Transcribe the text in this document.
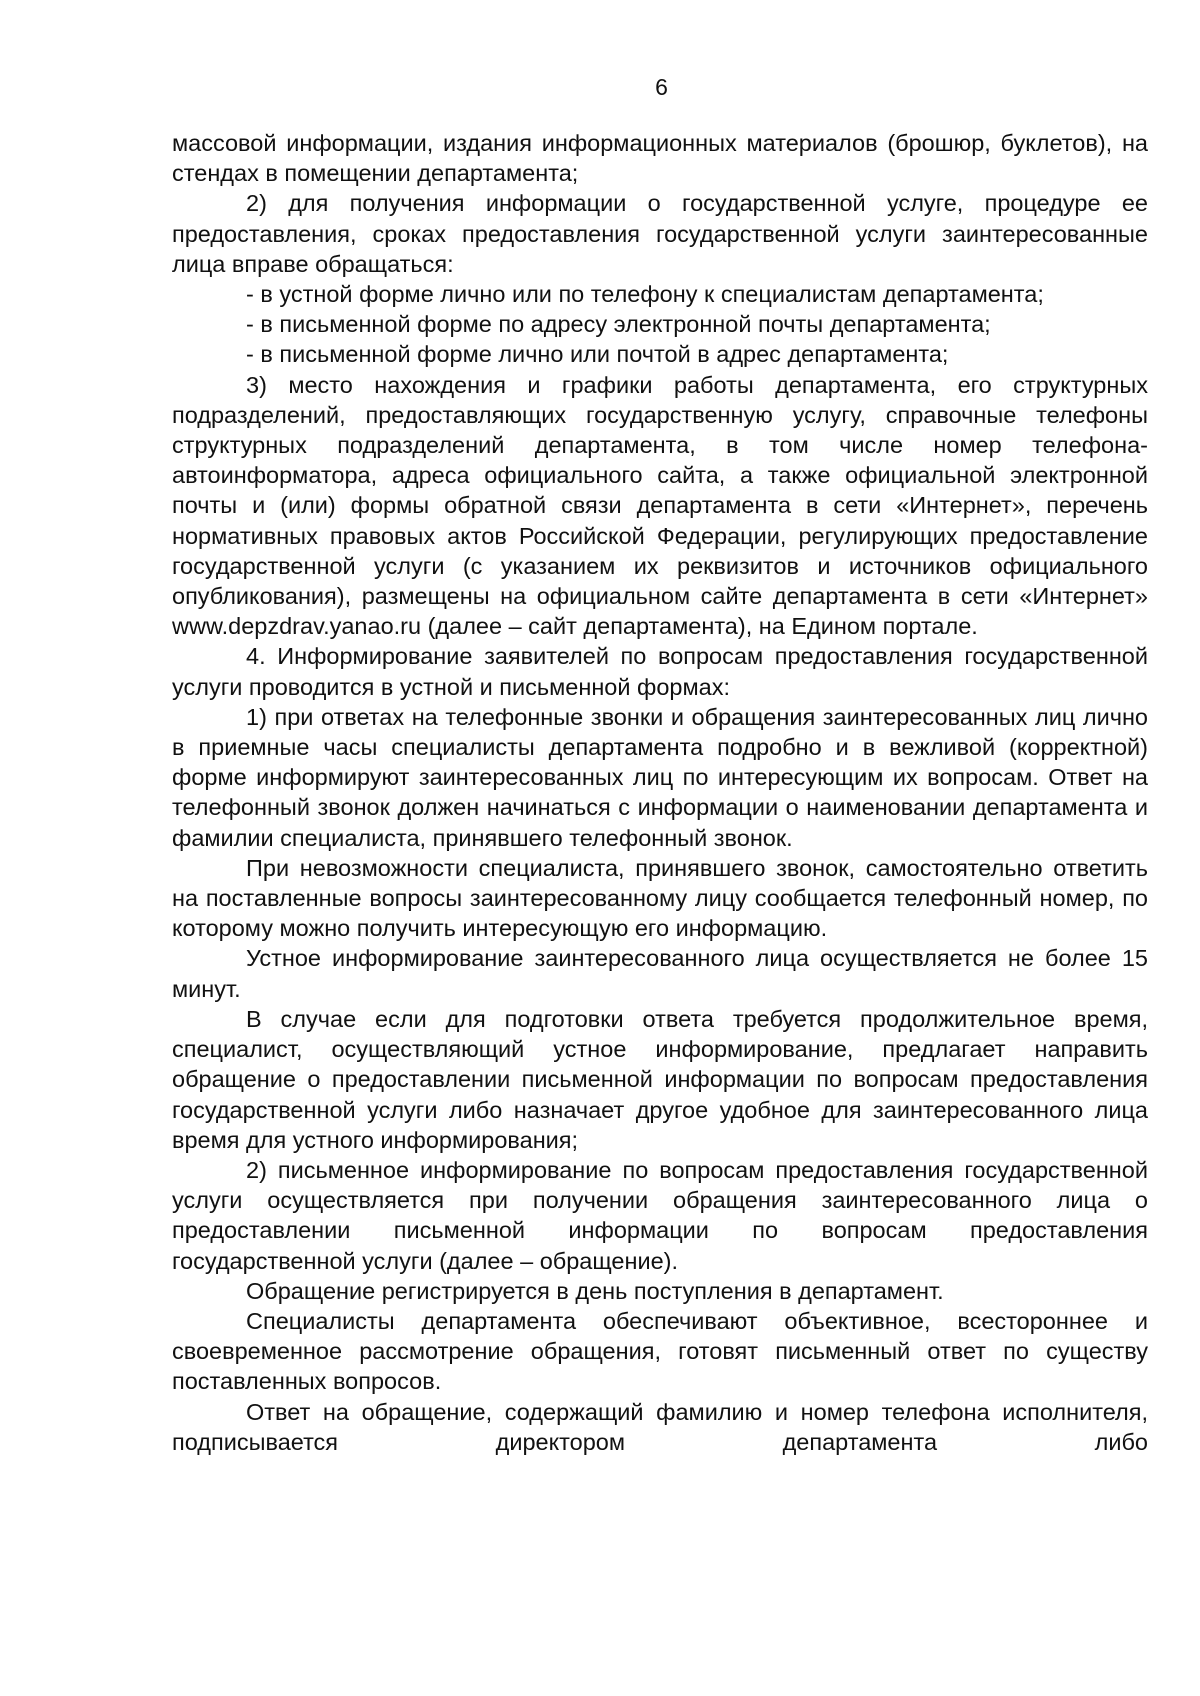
6

массовой информации, издания информационных материалов (брошюр, буклетов), на стендах в помещении департамента;

2) для получения информации о государственной услуге, процедуре ее предоставления, сроках предоставления государственной услуги заинтересованные лица вправе обращаться:

- в устной форме лично или по телефону к специалистам департамента;

- в письменной форме по адресу электронной почты департамента;

- в письменной форме лично или почтой в адрес департамента;

3) место нахождения и графики работы департамента, его структурных подразделений, предоставляющих государственную услугу, справочные телефоны структурных подразделений департамента, в том числе номер телефона-автоинформатора, адреса официального сайта, а также официальной электронной почты и (или) формы обратной связи департамента в сети «Интернет», перечень нормативных правовых актов Российской Федерации, регулирующих предоставление государственной услуги (с указанием их реквизитов и источников официального опубликования), размещены на официальном сайте департамента в сети «Интернет» www.depzdrav.yanao.ru (далее – сайт департамента), на Едином портале.

4. Информирование заявителей по вопросам предоставления государственной услуги проводится в устной и письменной формах:

1) при ответах на телефонные звонки и обращения заинтересованных лиц лично в приемные часы специалисты департамента подробно и в вежливой (корректной) форме информируют заинтересованных лиц по интересующим их вопросам. Ответ на телефонный звонок должен начинаться с информации о наименовании департамента и фамилии специалиста, принявшего телефонный звонок.

При невозможности специалиста, принявшего звонок, самостоятельно ответить на поставленные вопросы заинтересованному лицу сообщается телефонный номер, по которому можно получить интересующую его информацию.

Устное информирование заинтересованного лица осуществляется не более 15 минут.

В случае если для подготовки ответа требуется продолжительное время, специалист, осуществляющий устное информирование, предлагает направить обращение о предоставлении письменной информации по вопросам предоставления государственной услуги либо назначает другое удобное для заинтересованного лица время для устного информирования;

2) письменное информирование по вопросам предоставления государственной услуги осуществляется при получении обращения заинтересованного лица о предоставлении письменной информации по вопросам предоставления государственной услуги (далее – обращение).

Обращение регистрируется в день поступления в департамент.

Специалисты департамента обеспечивают объективное, всестороннее и своевременное рассмотрение обращения, готовят письменный ответ по существу поставленных вопросов.

Ответ на обращение, содержащий фамилию и номер телефона исполнителя, подписывается директором департамента либо
